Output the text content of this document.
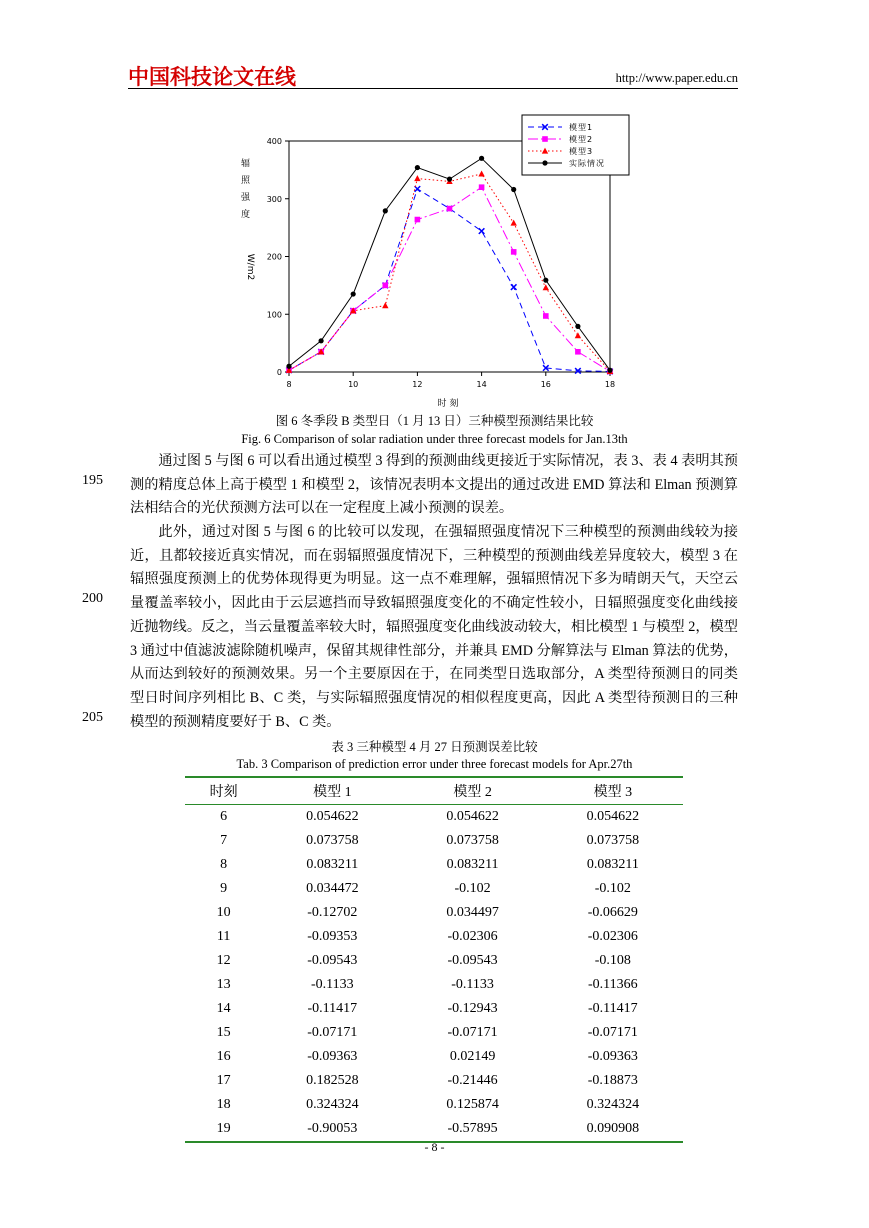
中国科技论文在线	http://www.paper.edu.cn
0
100
200
300
400
8	10	12	14	16	18
时刻
辐照强度
W/m2
模型1
模型2
模型3
实际情况
图 6 冬季段 B 类型日（1 月 13 日）三种模型预测结果比较
Fig. 6 Comparison of solar radiation under three forecast models for Jan.13th
通过图 5 与图 6 可以看出通过模型 3 得到的预测曲线更接近于实际情况，表 3、表 4 表明其预测的精度总体上高于模型 1 和模型 2，该情况表明本文提出的通过改进 EMD 算法和 Elman 预测算法相结合的光伏预测方法可以在一定程度上减小预测的误差。
此外，通过对图 5 与图 6 的比较可以发现，在强辐照强度情况下三种模型的预测曲线较为接近，且都较接近真实情况，而在弱辐照强度情况下，三种模型的预测曲线差异度较大，模型 3 在辐照强度预测上的优势体现得更为明显。这一点不难理解，强辐照情况下多为晴朗天气，天空云量覆盖率较小，因此由于云层遮挡而导致辐照强度变化的不确定性较小，日辐照强度变化曲线接近抛物线。反之，当云量覆盖率较大时，辐照强度变化曲线波动较大，相比模型 1 与模型 2，模型 3 通过中值滤波滤除随机噪声，保留其规律性部分，并兼具 EMD 分解算法与 Elman 算法的优势，从而达到较好的预测效果。另一个主要原因在于，在同类型日选取部分，A 类型待预测日的同类型日时间序列相比 B、C 类，与实际辐照强度情况的相似程度更高，因此 A 类型待预测日的三种模型的预测精度要好于 B、C 类。
195
200
205
表 3 三种模型 4 月 27 日预测误差比较
Tab. 3 Comparison of prediction error under three forecast models for Apr.27th
时刻	模型 1	模型 2	模型 3
6	0.054622	0.054622	0.054622
7	0.073758	0.073758	0.073758
8	0.083211	0.083211	0.083211
9	0.034472	-0.102	-0.102
10	-0.12702	0.034497	-0.06629
11	-0.09353	-0.02306	-0.02306
12	-0.09543	-0.09543	-0.108
13	-0.1133	-0.1133	-0.11366
14	-0.11417	-0.12943	-0.11417
15	-0.07171	-0.07171	-0.07171
16	-0.09363	0.02149	-0.09363
17	0.182528	-0.21446	-0.18873
18	0.324324	0.125874	0.324324
19	-0.90053	-0.57895	0.090908
- 8 -
